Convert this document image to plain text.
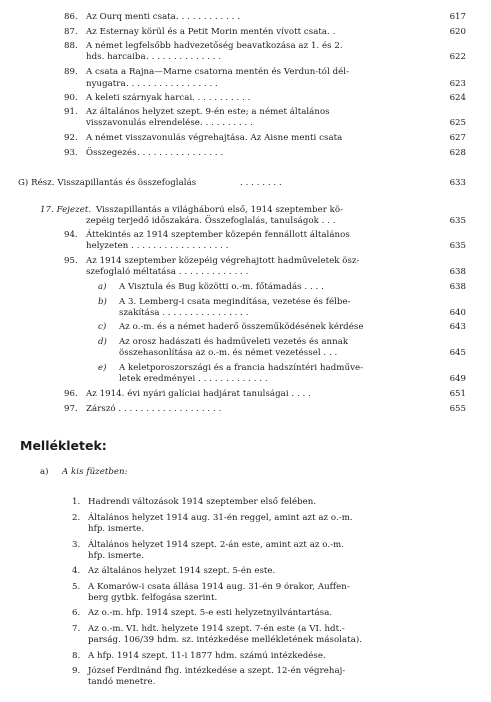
86. Az Ourq menti csata . . . . . . . . . . . .	617
87. Az Esternay körül és a Petit Morin mentén vívott csata . .	620
88. A német legfelsőbb hadvezetőség beavatkozása az 1. és 2.
hds. harcaiba . . . . . . . . . . . . . .	622
89. A csata a Rajna—Marne csatorna mentén és Verdun-tól dél-
nyugatra . . . . . . . . . . . . . . . . .	623
90. A keleti szárnyak harcai . . . . . . . . . . .	624
91. Az általános helyzet szept. 9-én este; a német általános
visszavonulás elrendelése . . . . . . . . . .	625
92. A német visszavonulás végrehajtása. Az Aisne menti csata	627
93. Összegezés . . . . . . . . . . . . . . . .	628
G) Rész. Visszapillantás és összefoglalás	. . . . . . . .	633
17. Fejezet. Visszapillantás a világháború első, 1914 szeptember kö-
zepéig terjedő időszakára. Összefoglalás, tanulságok . . .	635
94. Áttekintés az 1914 szeptember közepén fennállott általános
helyzeten . . . . . . . . . . . . . . . . . .	635
95. Az 1914 szeptember közepéig végrehajtott hadműveletek ösz-
szefoglaló méltatása . . . . . . . . . . . . .	638
a) A Visztula és Bug közötti o.-m. főtámadás . . . .	638
b) A 3. Lemberg-i csata megindítása, vezetése és félbe-
szakítása . . . . . . . . . . . . . . . .	640
c) Az o.-m. és a német haderő összeműködésének kérdése	643
d) Az orosz hadászati és hadműveleti vezetés és annak
összehasonlítása az o.-m. és német vezetéssel . . .	645
e) A keletporoszországi és a francia hadszíntéri hadműve-
letek eredményei . . . . . . . . . . . . .	649
96. Az 1914. évi nyári galíciai hadjárat tanulságai . . . .	651
97. Zárszó . . . . . . . . . . . . . . . . . . .	655
Mellékletek:
a) A kis füzetben:
1. Hadrendi változások 1914 szeptember első felében.
2. Általános helyzet 1914 aug. 31-én reggel, amint azt az o.-m.
hfp. ismerte.
3. Általános helyzet 1914 szept. 2-án este, amint azt az o.-m.
hfp. ismerte.
4. Az általános helyzet 1914 szept. 5-én este.
5. A Komarów-i csata állása 1914 aug. 31-én 9 órakor, Auffen-
berg gytbk. felfogása szerint.
6. Az o.-m. hfp. 1914 szept. 5-e esti helyzetnyilvántartása.
7. Az o.-m. VI. hdt. helyzete 1914 szept. 7-én este (a VI. hdt.-
parság. 106/39 hdm. sz. intézkedése mellékletének másolata).
8. A hfp. 1914 szept. 11-i 1877 hdm. számú intézkedése.
9. József Ferdinánd fhg. intézkedése a szept. 12-én végrehaj-
tandó menetre.
